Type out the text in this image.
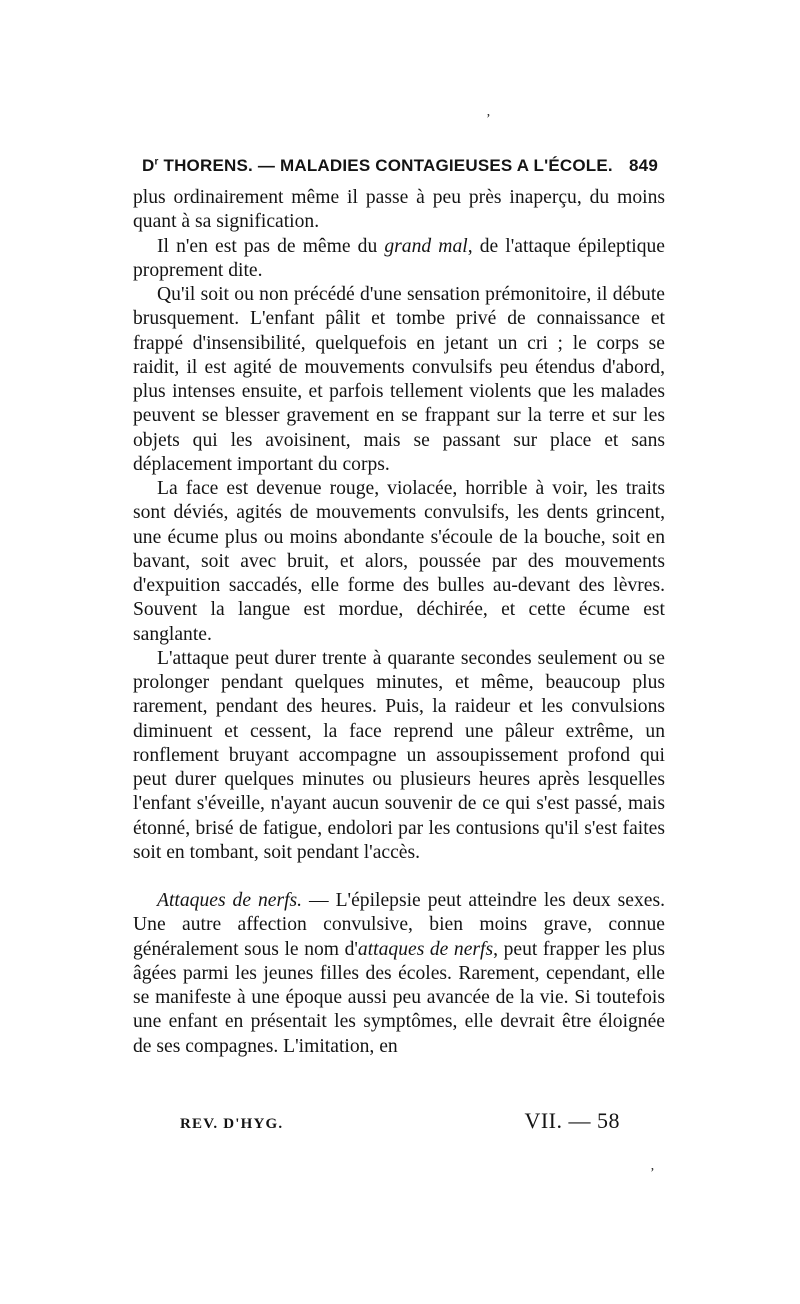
ʼ
$D^r$ THORENS. — MALADIES CONTAGIEUSES A L'ÉCOLE. 849

plus ordinairement même il passe à peu près inaperçu, du moins quant à sa signification.

Il n'en est pas de même du grand mal, de l'attaque épileptique proprement dite.

Qu'il soit ou non précédé d'une sensation prémonitoire, il débute brusquement. L'enfant pâlit et tombe privé de connaissance et frappé d'insensibilité, quelquefois en jetant un cri ; le corps se raidit, il est agité de mouvements convulsifs peu étendus d'abord, plus intenses ensuite, et parfois tellement violents que les malades peuvent se blesser gravement en se frappant sur la terre et sur les objets qui les avoisinent, mais se passant sur place et sans déplacement important du corps.

La face est devenue rouge, violacée, horrible à voir, les traits sont déviés, agités de mouvements convulsifs, les dents grincent, une écume plus ou moins abondante s'écoule de la bouche, soit en bavant, soit avec bruit, et alors, poussée par des mouvements d'expuition saccadés, elle forme des bulles au-devant des lèvres. Souvent la langue est mordue, déchirée, et cette écume est sanglante.

L'attaque peut durer trente à quarante secondes seulement ou se prolonger pendant quelques minutes, et même, beaucoup plus rarement, pendant des heures. Puis, la raideur et les convulsions diminuent et cessent, la face reprend une pâleur extrême, un ronflement bruyant accompagne un assoupissement profond qui peut durer quelques minutes ou plusieurs heures après lesquelles l'enfant s'éveille, n'ayant aucun souvenir de ce qui s'est passé, mais étonné, brisé de fatigue, endolori par les contusions qu'il s'est faites soit en tombant, soit pendant l'accès.

Attaques de nerfs. — L'épilepsie peut atteindre les deux sexes. Une autre affection convulsive, bien moins grave, connue généralement sous le nom d'attaques de nerfs, peut frapper les plus âgées parmi les jeunes filles des écoles. Rarement, cependant, elle se manifeste à une époque aussi peu avancée de la vie. Si toutefois une enfant en présentait les symptômes, elle devrait être éloignée de ses compagnes. L'imitation, en

REV. D'HYG.	VII. — 58
ʼ
